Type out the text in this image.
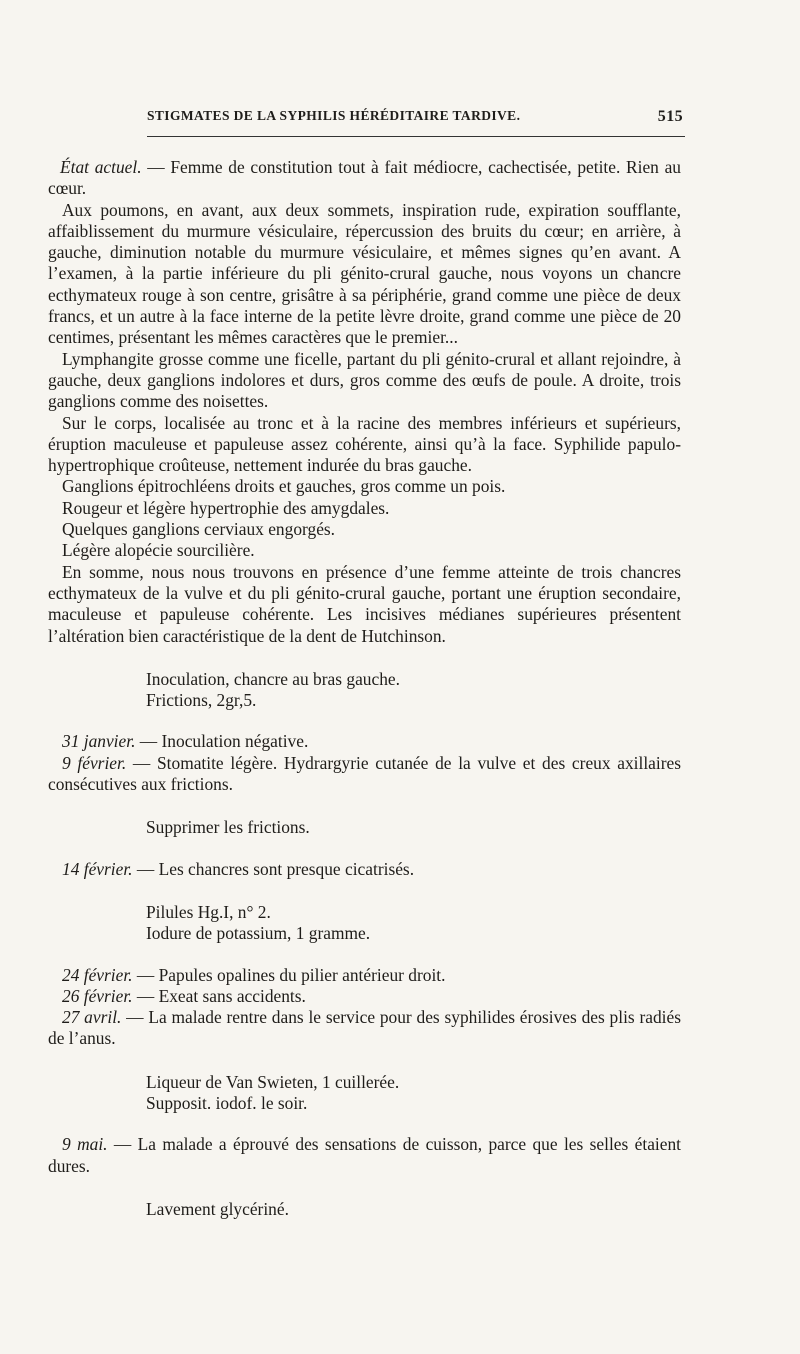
STIGMATES DE LA SYPHILIS HÉRÉDITAIRE TARDIVE.	515

État actuel. — Femme de constitution tout à fait médiocre, cachectisée, petite. Rien au cœur.

Aux poumons, en avant, aux deux sommets, inspiration rude, expiration soufflante, affaiblissement du murmure vésiculaire, répercussion des bruits du cœur; en arrière, à gauche, diminution notable du murmure vésiculaire, et mêmes signes qu’en avant. A l’examen, à la partie inférieure du pli génito-crural gauche, nous voyons un chancre ecthymateux rouge à son centre, grisâtre à sa périphérie, grand comme une pièce de deux francs, et un autre à la face interne de la petite lèvre droite, grand comme une pièce de 20 centimes, présentant les mêmes caractères que le premier...

Lymphangite grosse comme une ficelle, partant du pli génito-crural et allant rejoindre, à gauche, deux ganglions indolores et durs, gros comme des œufs de poule. A droite, trois ganglions comme des noisettes.

Sur le corps, localisée au tronc et à la racine des membres inférieurs et supérieurs, éruption maculeuse et papuleuse assez cohérente, ainsi qu’à la face. Syphilide papulo-hypertrophique croûteuse, nettement indurée du bras gauche.

Ganglions épitrochléens droits et gauches, gros comme un pois.

Rougeur et légère hypertrophie des amygdales.

Quelques ganglions cerviaux engorgés.

Légère alopécie sourcilière.

En somme, nous nous trouvons en présence d’une femme atteinte de trois chancres ecthymateux de la vulve et du pli génito-crural gauche, portant une éruption secondaire, maculeuse et papuleuse cohérente. Les incisives médianes supérieures présentent l’altération bien caractéristique de la dent de Hutchinson.

Inoculation, chancre au bras gauche.

Frictions, 2gr,5.

31 janvier. — Inoculation négative.

9 février. — Stomatite légère. Hydrargyrie cutanée de la vulve et des creux axillaires consécutives aux frictions.

Supprimer les frictions.

14 février. — Les chancres sont presque cicatrisés.

Pilules Hg.I, n° 2.

Iodure de potassium, 1 gramme.

24 février. — Papules opalines du pilier antérieur droit.

26 février. — Exeat sans accidents.

27 avril. — La malade rentre dans le service pour des syphilides érosives des plis radiés de l’anus.

Liqueur de Van Swieten, 1 cuillerée.

Supposit. iodof. le soir.

9 mai. — La malade a éprouvé des sensations de cuisson, parce que les selles étaient dures.

Lavement glycériné.
